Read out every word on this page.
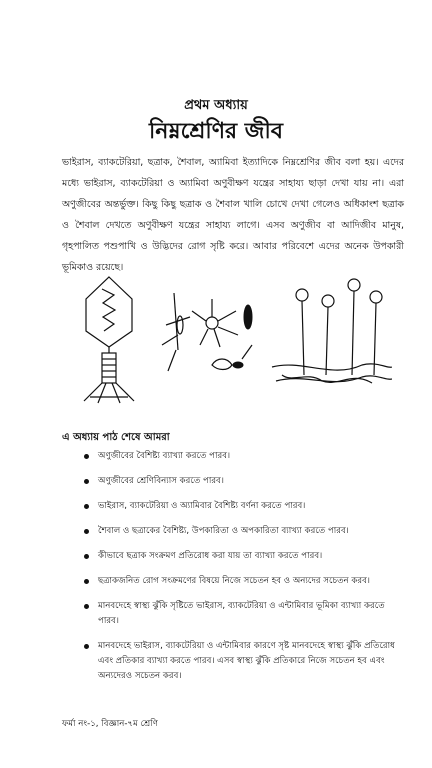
প্রথম অধ্যায়
নিম্নশ্রেণির জীব

ভাইরাস, ব্যাকটেরিয়া, ছত্রাক, শৈবাল, অ্যামিবা ইত্যাদিকে নিম্নশ্রেণির জীব বলা হয়। এদের মধ্যে ভাইরাস, ব্যাকটেরিয়া ও অ্যামিবা অণুবীক্ষণ যন্ত্রের সাহায্য ছাড়া দেখা যায় না। এরা অণুজীবের অন্তর্ভুক্ত। কিছু কিছু ছত্রাক ও শৈবাল খালি চোখে দেখা গেলেও অধিকাংশ ছত্রাক ও শৈবাল দেখতে অণুবীক্ষণ যন্ত্রের সাহায্য লাগে। এসব অণুজীব বা আদিজীব মানুষ, গৃহপালিত পশুপাখি ও উদ্ভিদের রোগ সৃষ্টি করে। আবার পরিবেশে এদের অনেক উপকারী ভূমিকাও রয়েছে।

এ অধ্যায় পাঠ শেষে আমরা
অণুজীবের বৈশিষ্ট্য ব্যাখ্যা করতে পারব।
অণুজীবের শ্রেণিবিন্যাস করতে পারব।
ভাইরাস, ব্যাকটেরিয়া ও অ্যামিবার বৈশিষ্ট্য বর্ণনা করতে পারব।
শৈবাল ও ছত্রাকের বৈশিষ্ট্য, উপকারিতা ও অপকারিতা ব্যাখ্যা করতে পারব।
কীভাবে ছত্রাক সংক্রমণ প্রতিরোধ করা যায় তা ব্যাখ্যা করতে পারব।
ছত্রাকজনিত রোগ সংক্রমণের বিষয়ে নিজে সচেতন হব ও অন্যদের সচেতন করব।
মানবদেহে স্বাস্থ্য ঝুঁকি সৃষ্টিতে ভাইরাস, ব্যাকটেরিয়া ও এন্টামিবার ভূমিকা ব্যাখ্যা করতে পারব।
মানবদেহে ভাইরাস, ব্যাকটেরিয়া ও এন্টামিবার কারণে সৃষ্ট মানবদেহে স্বাস্থ্য ঝুঁকি প্রতিরোধ এবং প্রতিকার ব্যাখ্যা করতে পারব। এসব স্বাস্থ্য ঝুঁকি প্রতিকারে নিজে সচেতন হব এবং অন্যদেরও সচেতন করব।
ফর্মা নং-১, বিজ্ঞান-৭ম শ্রেণি
